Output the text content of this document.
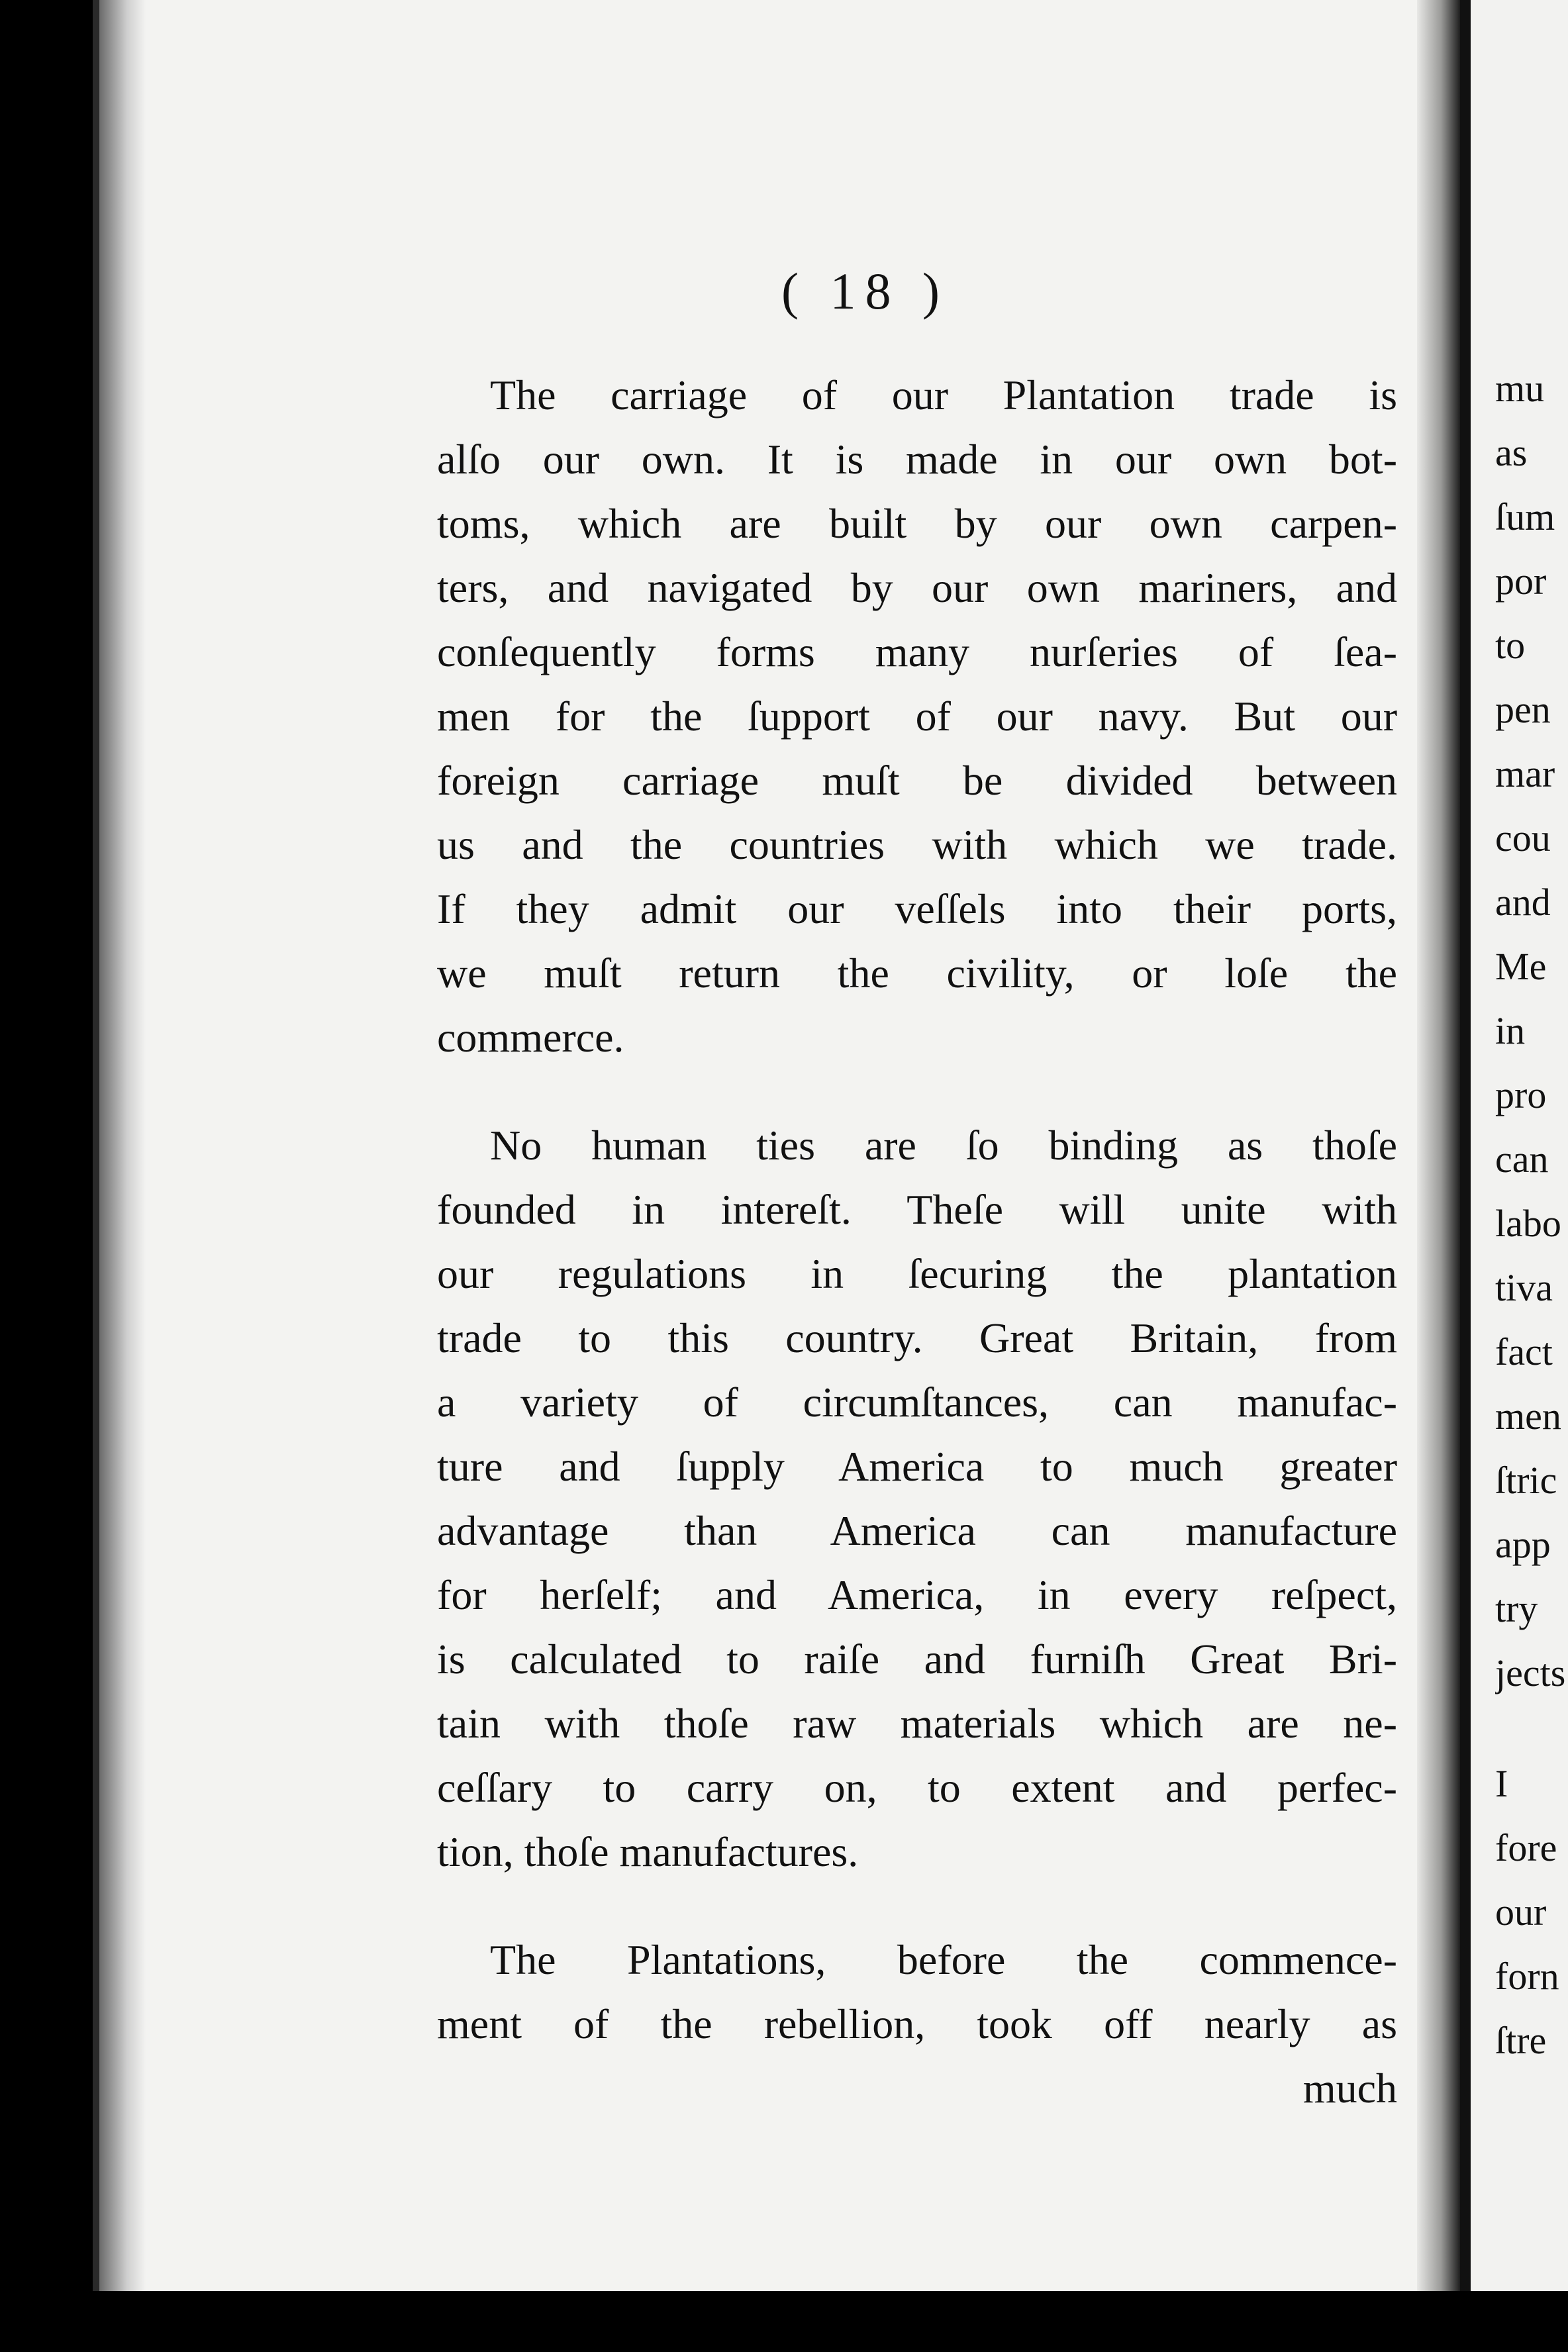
( 18 )
The carriage of our Plantation trade is
alſo our own. It is made in our own bot-
toms, which are built by our own carpen-
ters, and navigated by our own mariners, and
conſequently forms many nurſeries of ſea-
men for the ſupport of our navy. But our
foreign carriage muſt be divided between
us and the countries with which we trade.
If they admit our veſſels into their ports,
we muſt return the civility, or loſe the
commerce.
No human ties are ſo binding as thoſe
founded in intereſt. Theſe will unite with
our regulations in ſecuring the plantation
trade to this country. Great Britain, from
a variety of circumſtances, can manufac-
ture and ſupply America to much greater
advantage than America can manufacture
for herſelf; and America, in every reſpect,
is calculated to raiſe and furniſh Great Bri-
tain with thoſe raw materials which are ne-
ceſſary to carry on, to extent and perfec-
tion, thoſe manufactures.
The Plantations, before the commence-
ment of the rebellion, took off nearly as
much
mu
as
ſum
por
to
pen
mar
cou
and
Me
in
pro
can
labo
tiva
fact
men
ſtric
app
try
jects
I
fore
our
forn
ſtre
